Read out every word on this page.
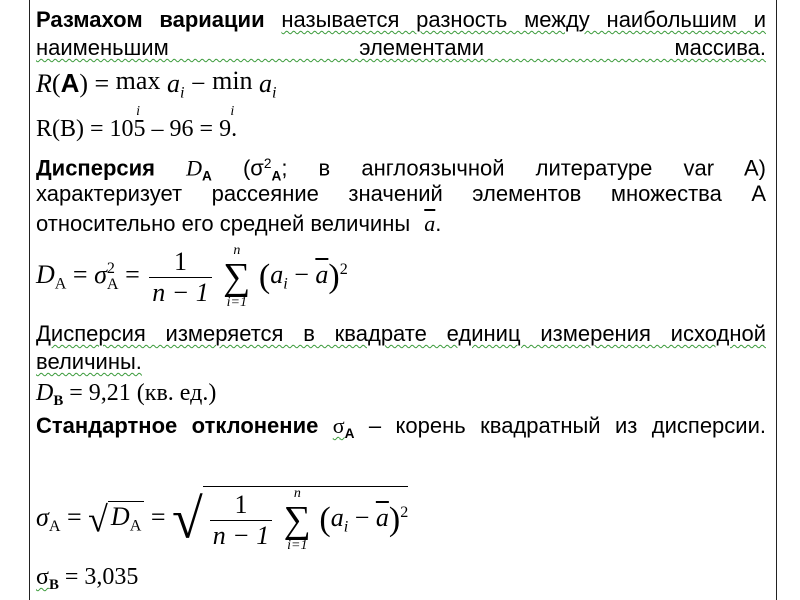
Размахом вариации называется разность между наибольшим и наименьшим элементами массива.

R(A) = max
i $a_i - \min$
i $a_i$
R(B) = 105 – 96 = 9.

Дисперсия $D_A$ ($\sigma^2_A$; в англоязычной литературе var A)

характеризует рассеяние значений элементов множества A

относительно его средней величины $\overline{a}$.

$D_A = \sigma 2$
$A = \frac{1}{n - 1}$
	n
∑
i=1
$(a_i - \overline{a})^2$

Дисперсия измеряется в квадрате единиц измерения исходной величины.

$D_B = 9,21$ (кв. ед.)

Стандартное отклонение $\sigma_A$ – корень квадратный из дисперсии.

$\sigma_A$ = √ $D_A$ = √ $\frac{1}{n - 1}$
	n
∑
i=1
$(a_i - \overline{a})^2$
$\sigma_B = 3,035$
